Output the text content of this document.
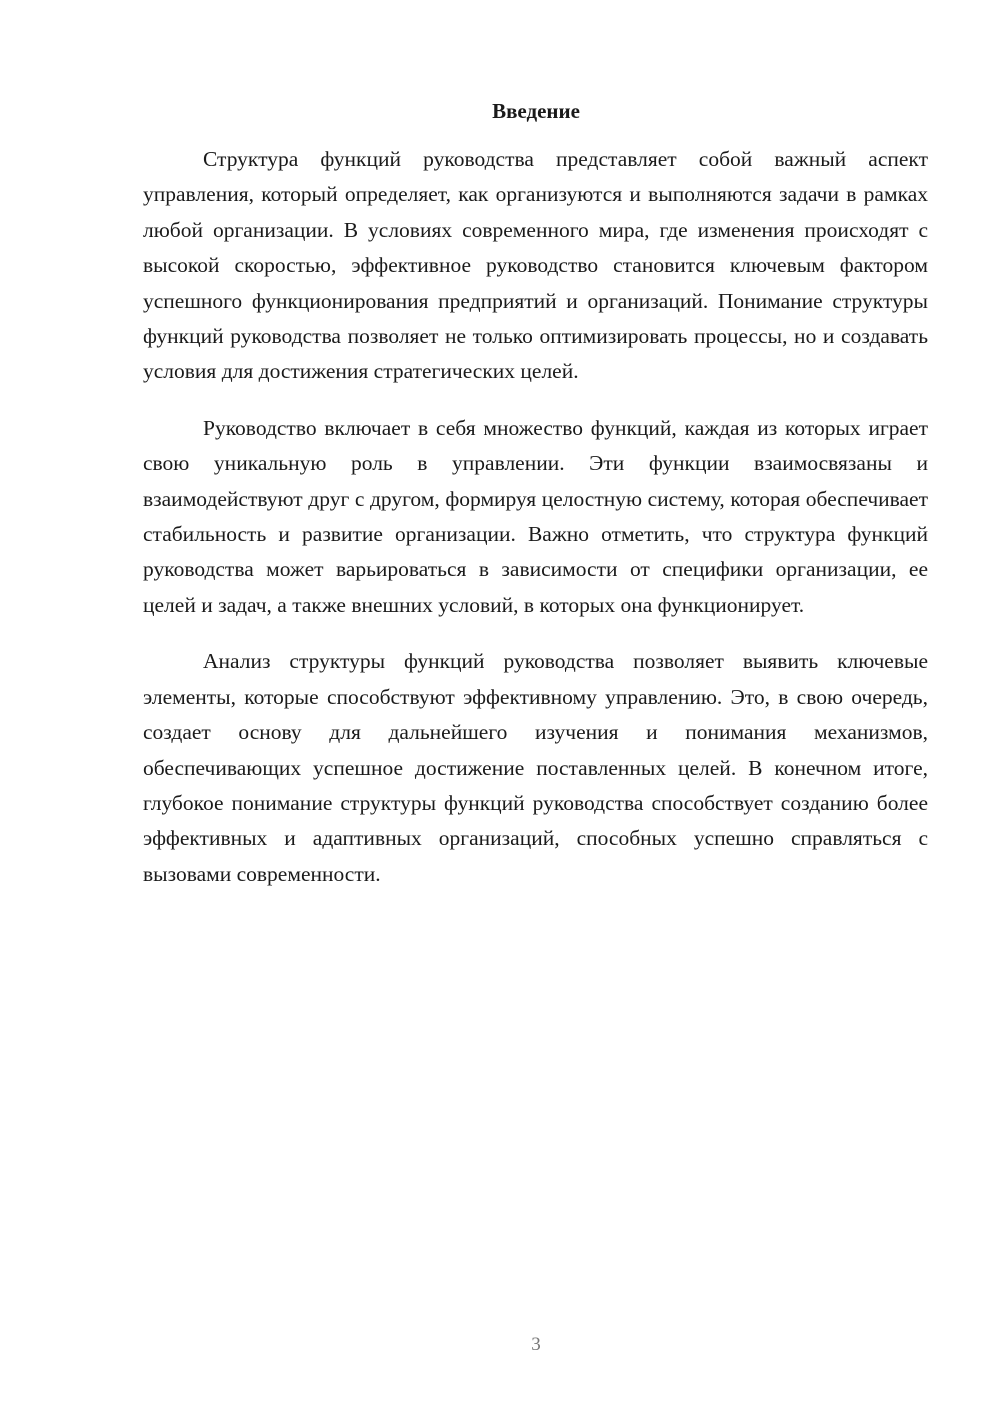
Введение

Структура функций руководства представляет собой важный аспект управления, который определяет, как организуются и выполняются задачи в рамках любой организации. В условиях современного мира, где изменения происходят с высокой скоростью, эффективное руководство становится ключевым фактором успешного функционирования предприятий и организаций. Понимание структуры функций руководства позволяет не только оптимизировать процессы, но и создавать условия для достижения стратегических целей.

Руководство включает в себя множество функций, каждая из которых играет свою уникальную роль в управлении. Эти функции взаимосвязаны и взаимодействуют друг с другом, формируя целостную систему, которая обеспечивает стабильность и развитие организации. Важно отметить, что структура функций руководства может варьироваться в зависимости от специфики организации, ее целей и задач, а также внешних условий, в которых она функционирует.

Анализ структуры функций руководства позволяет выявить ключевые элементы, которые способствуют эффективному управлению. Это, в свою очередь, создает основу для дальнейшего изучения и понимания механизмов, обеспечивающих успешное достижение поставленных целей. В конечном итоге, глубокое понимание структуры функций руководства способствует созданию более эффективных и адаптивных организаций, способных успешно справляться с вызовами современности.

3
